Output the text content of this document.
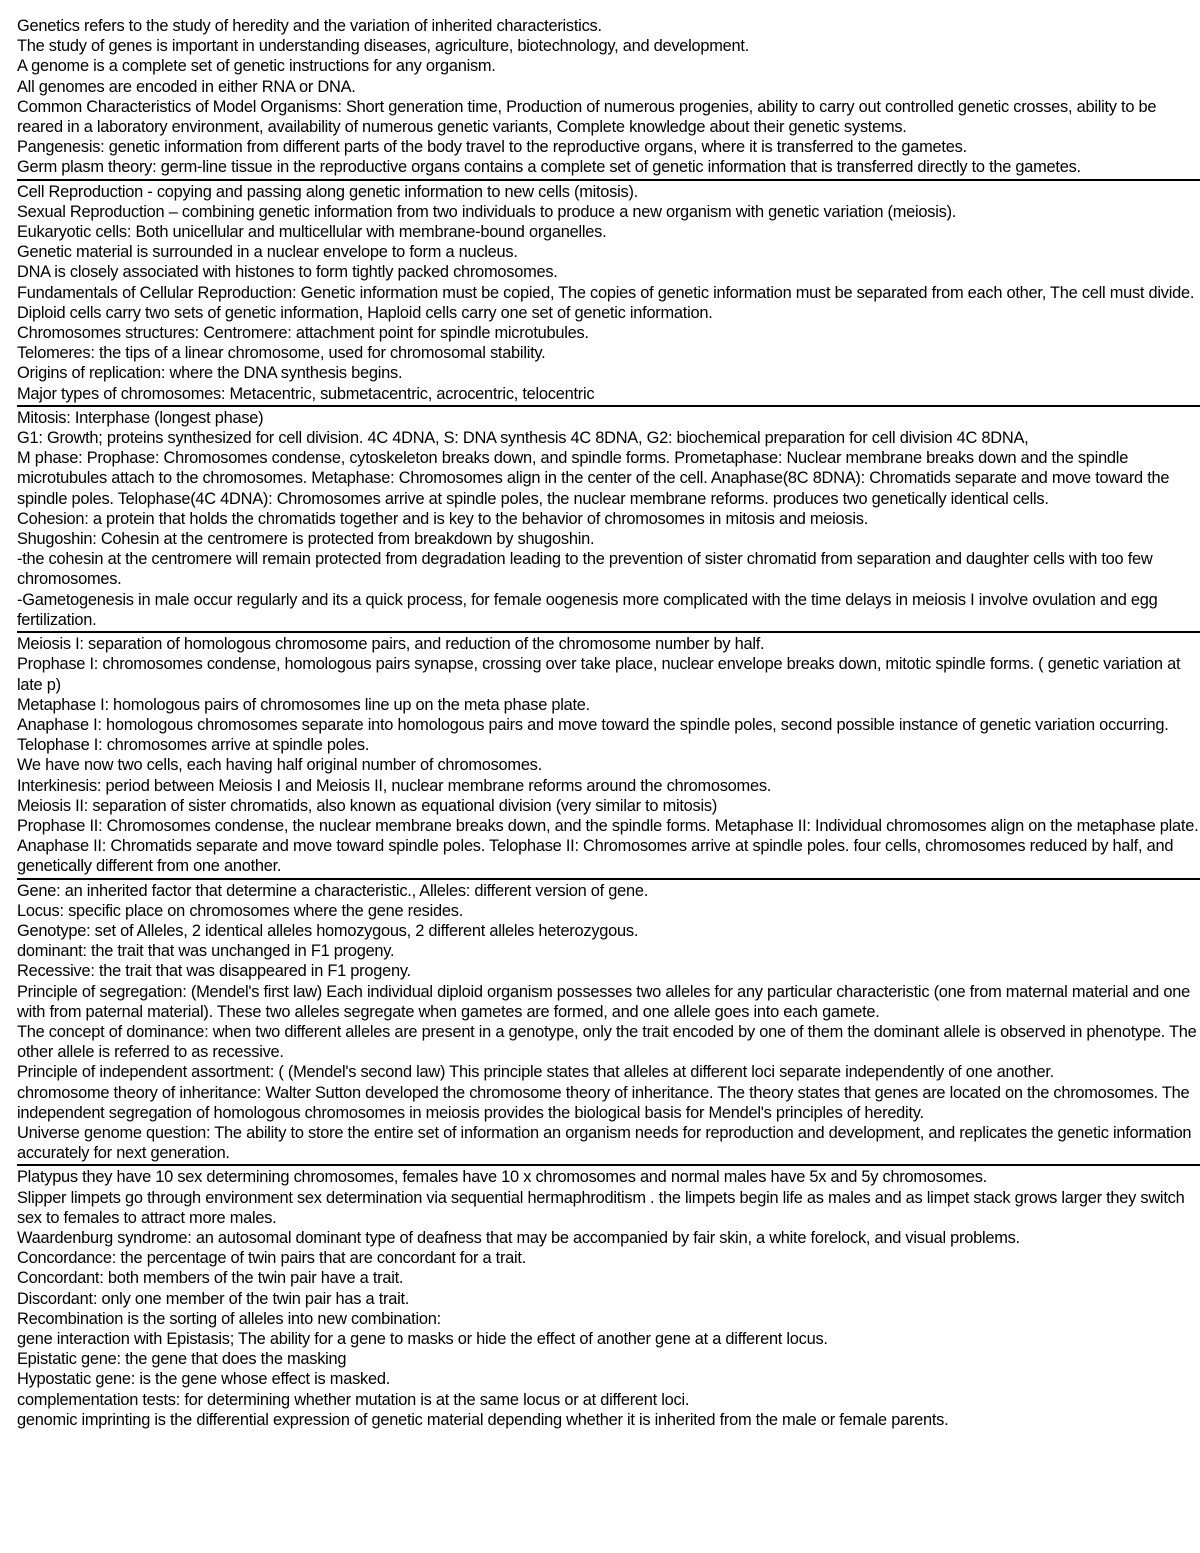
Genetics refers to the study of heredity and the variation of inherited characteristics.
The study of genes is important in understanding diseases, agriculture, biotechnology, and development.
A genome is a complete set of genetic instructions for any organism.
All genomes are encoded in either RNA or DNA.
Common Characteristics of Model Organisms: Short generation time, Production of numerous progenies, ability to carry out controlled genetic crosses, ability to be reared in a laboratory environment, availability of numerous genetic variants, Complete knowledge about their genetic systems.
Pangenesis: genetic information from different parts of the body travel to the reproductive organs, where it is transferred to the gametes.
Germ plasm theory: germ-line tissue in the reproductive organs contains a complete set of genetic information that is transferred directly to the gametes.
Cell Reproduction - copying and passing along genetic information to new cells (mitosis).
Sexual Reproduction – combining genetic information from two individuals to produce a new organism with genetic variation (meiosis).
Eukaryotic cells: Both unicellular and multicellular with membrane-bound organelles.
Genetic material is surrounded in a nuclear envelope to form a nucleus.
DNA is closely associated with histones to form tightly packed chromosomes.
Fundamentals of Cellular Reproduction: Genetic information must be copied, The copies of genetic information must be separated from each other, The cell must divide.
Diploid cells carry two sets of genetic information, Haploid cells carry one set of genetic information.
Chromosomes structures: Centromere: attachment point for spindle microtubules.
Telomeres: the tips of a linear chromosome, used for chromosomal stability.
Origins of replication: where the DNA synthesis begins.
Major types of chromosomes: Metacentric, submetacentric, acrocentric, telocentric
Mitosis: Interphase (longest phase)
G1: Growth; proteins synthesized for cell division. 4C 4DNA, S: DNA synthesis 4C 8DNA, G2: biochemical preparation for cell division 4C 8DNA,
M phase: Prophase: Chromosomes condense, cytoskeleton breaks down, and spindle forms. Prometaphase: Nuclear membrane breaks down and the spindle microtubules attach to the chromosomes. Metaphase: Chromosomes align in the center of the cell. Anaphase(8C 8DNA): Chromatids separate and move toward the spindle poles. Telophase(4C 4DNA): Chromosomes arrive at spindle poles, the nuclear membrane reforms. produces two genetically identical cells.
Cohesion: a protein that holds the chromatids together and is key to the behavior of chromosomes in mitosis and meiosis.
Shugoshin: Cohesin at the centromere is protected from breakdown by shugoshin.
-the cohesin at the centromere will remain protected from degradation leading to the prevention of sister chromatid from separation and daughter cells with too few chromosomes.
-Gametogenesis in male occur regularly and its a quick process, for female oogenesis more complicated with the time delays in meiosis I involve ovulation and egg fertilization.
Meiosis I: separation of homologous chromosome pairs, and reduction of the chromosome number by half.
Prophase I: chromosomes condense, homologous pairs synapse, crossing over take place, nuclear envelope breaks down, mitotic spindle forms. ( genetic variation at late p)
Metaphase I: homologous pairs of chromosomes line up on the meta phase plate.
Anaphase I: homologous chromosomes separate into homologous pairs and move toward the spindle poles, second possible instance of genetic variation occurring.
Telophase I: chromosomes arrive at spindle poles.
We have now two cells, each having half original number of chromosomes.
Interkinesis: period between Meiosis I and Meiosis II, nuclear membrane reforms around the chromosomes.
Meiosis II: separation of sister chromatids, also known as equational division (very similar to mitosis)
Prophase II: Chromosomes condense, the nuclear membrane breaks down, and the spindle forms. Metaphase II: Individual chromosomes align on the metaphase plate. Anaphase II: Chromatids separate and move toward spindle poles. Telophase II: Chromosomes arrive at spindle poles. four cells, chromosomes reduced by half, and genetically different from one another.
Gene: an inherited factor that determine a characteristic., Alleles: different version of gene.
Locus: specific place on chromosomes where the gene resides.
Genotype: set of Alleles, 2 identical alleles homozygous, 2 different alleles heterozygous.
dominant: the trait that was unchanged in F1 progeny.
Recessive: the trait that was disappeared in F1 progeny.
Principle of segregation: (Mendel's first law) Each individual diploid organism possesses two alleles for any particular characteristic (one from maternal material and one with from paternal material). These two alleles segregate when gametes are formed, and one allele goes into each gamete.
The concept of dominance: when two different alleles are present in a genotype, only the trait encoded by one of them the dominant allele is observed in phenotype. The other allele is referred to as recessive.
Principle of independent assortment: ( (Mendel's second law) This principle states that alleles at different loci separate independently of one another.
chromosome theory of inheritance: Walter Sutton developed the chromosome theory of inheritance. The theory states that genes are located on the chromosomes. The independent segregation of homologous chromosomes in meiosis provides the biological basis for Mendel's principles of heredity.
Universe genome question: The ability to store the entire set of information an organism needs for reproduction and development, and replicates the genetic information accurately for next generation.
Platypus they have 10 sex determining chromosomes, females have 10 x chromosomes and normal males have 5x and 5y chromosomes.
Slipper limpets go through environment sex determination via sequential hermaphroditism . the limpets begin life as males and as limpet stack grows larger they switch sex to females to attract more males.
Waardenburg syndrome: an autosomal dominant type of deafness that may be accompanied by fair skin, a white forelock, and visual problems.
Concordance: the percentage of twin pairs that are concordant for a trait.
Concordant: both members of the twin pair have a trait.
Discordant: only one member of the twin pair has a trait.
Recombination is the sorting of alleles into new combination:
gene interaction with Epistasis; The ability for a gene to masks or hide the effect of another gene at a different locus.
Epistatic gene: the gene that does the masking
Hypostatic gene: is the gene whose effect is masked.
complementation tests: for determining whether mutation is at the same locus or at different loci.
genomic imprinting is the differential expression of genetic material depending whether it is inherited from the male or female parents.
